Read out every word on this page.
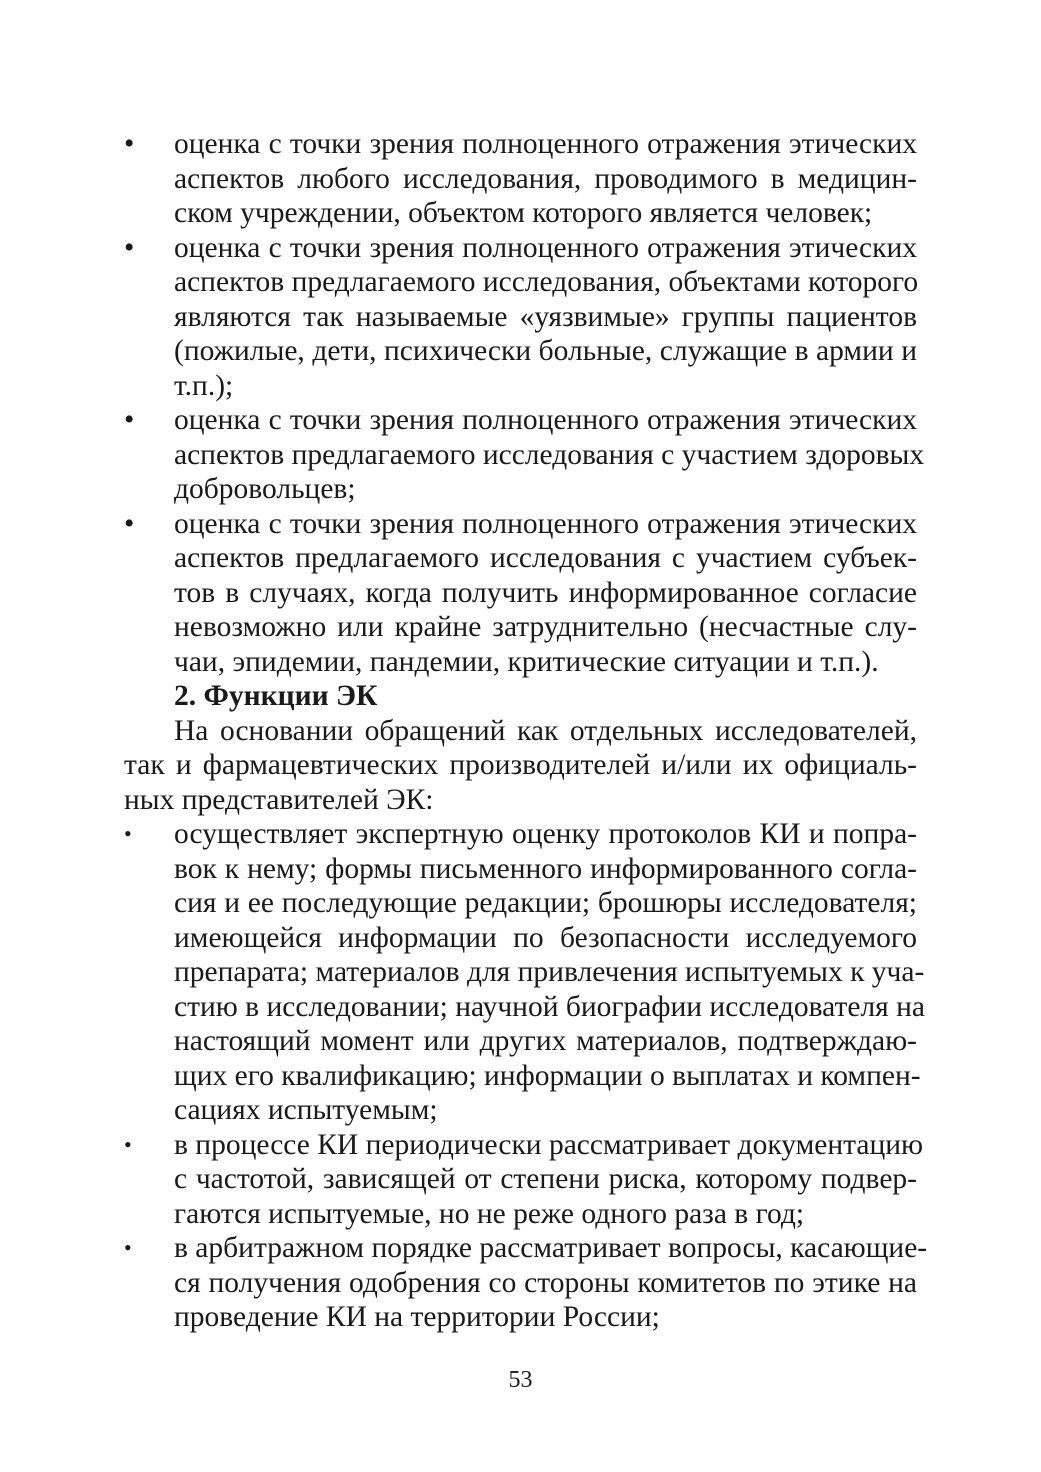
•	оценка с точки зрения полноценного отражения этических
аспектов любого исследования, проводимого в медицин-
ском учреждении, объектом которого является человек;
•	оценка с точки зрения полноценного отражения этических
аспектов предлагаемого исследования, объектами которого
являются так называемые «уязвимые» группы пациентов
(пожилые, дети, психически больные, служащие в армии и
т.п.);
•	оценка с точки зрения полноценного отражения этических
аспектов предлагаемого исследования с участием здоровых
добровольцев;
•	оценка с точки зрения полноценного отражения этических
аспектов предлагаемого исследования с участием субъек-
тов в случаях, когда получить информированное согласие
невозможно или крайне затруднительно (несчастные слу-
чаи, эпидемии, пандемии, критические ситуации и т.п.).
2. Функции ЭК
На основании обращений как отдельных исследователей,
так и фармацевтических производителей и/или их официаль-
ных представителей ЭК:
•	осуществляет экспертную оценку протоколов КИ и попра-
вок к нему; формы письменного информированного согла-
сия и ее последующие редакции; брошюры исследователя;
имеющейся информации по безопасности исследуемого
препарата; материалов для привлечения испытуемых к уча-
стию в исследовании; научной биографии исследователя на
настоящий момент или других материалов, подтверждаю-
щих его квалификацию; информации о выплатах и компен-
сациях испытуемым;
•	в процессе КИ периодически рассматривает документацию
с частотой, зависящей от степени риска, которому подвер-
гаются испытуемые, но не реже одного раза в год;
•	в арбитражном порядке рассматривает вопросы, касающие-
ся получения одобрения со стороны комитетов по этике на
проведение КИ на территории России;
53
